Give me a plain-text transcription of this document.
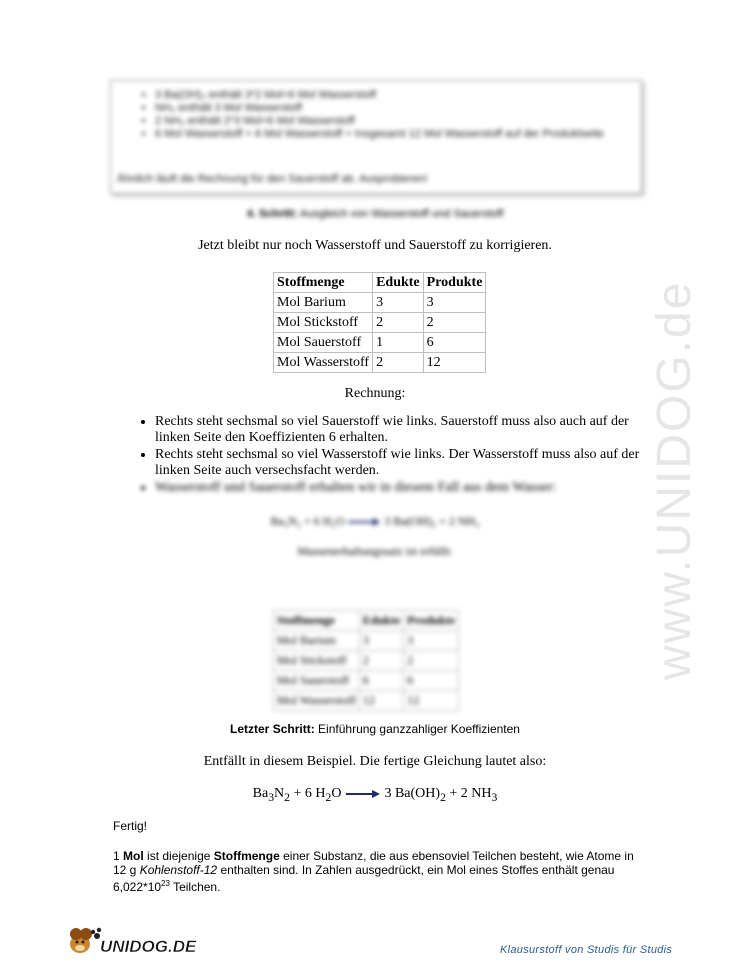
• 3 Ba(OH)₂ enthält 3*2 Mol=6 Mol Wasserstoff
• NH₃ enthält 3 Mol Wasserstoff
• 2 NH₃ enthält 2*3 Mol=6 Mol Wasserstoff
• 6 Mol Wasserstoff + 6 Mol Wasserstoff = Insgesamt 12 Mol Wasserstoff auf der Produktseite
Ähnlich läuft die Rechnung für den Sauerstoff ab. Ausprobieren!
4. Schritt: Ausgleich von Wasserstoff und Sauerstoff
Jetzt bleibt nur noch Wasserstoff und Sauerstoff zu korrigieren.
Stoffmenge	Edukte	Produkte
Mol Barium	3	3
Mol Stickstoff	2	2
Mol Sauerstoff	1	6
Mol Wasserstoff	2	12
Rechnung:
• Rechts steht sechsmal so viel Sauerstoff wie links. Sauerstoff muss also auch auf der linken Seite den Koeffizienten 6 erhalten.
• Rechts steht sechsmal so viel Wasserstoff wie links. Der Wasserstoff muss also auf der linken Seite auch versechsfacht werden.
• Wasserstoff und Sauerstoff erhalten wir in diesem Fall aus dem Wasser:
Ba₃N₂ + 6 H₂O → 3 Ba(OH)₂ + 2 NH₃
Massenerhaltungssatz ist erfüllt:
Stoffmenge	Edukte	Produkte
Mol Barium	3	3
Mol Stickstoff	2	2
Mol Sauerstoff	6	6
Mol Wasserstoff	12	12
Letzter Schritt: Einführung ganzzahliger Koeffizienten
Entfällt in diesem Beispiel. Die fertige Gleichung lautet also:
$Ba_3N_2 + 6$ $H_2O \to 3$ $Ba(OH)_2 + 2$ $NH_3$
Fertig!
1 Mol ist diejenige Stoffmenge einer Substanz, die aus ebensoviel Teilchen besteht, wie Atome in 12 g Kohlenstoff-12 enthalten sind. In Zahlen ausgedrückt, ein Mol eines Stoffes enthält genau $6,022*10^{23}$ Teilchen.
www.UNIDOG.de
UNIDOG.DE	Klausurstoff von Studis für Studis
